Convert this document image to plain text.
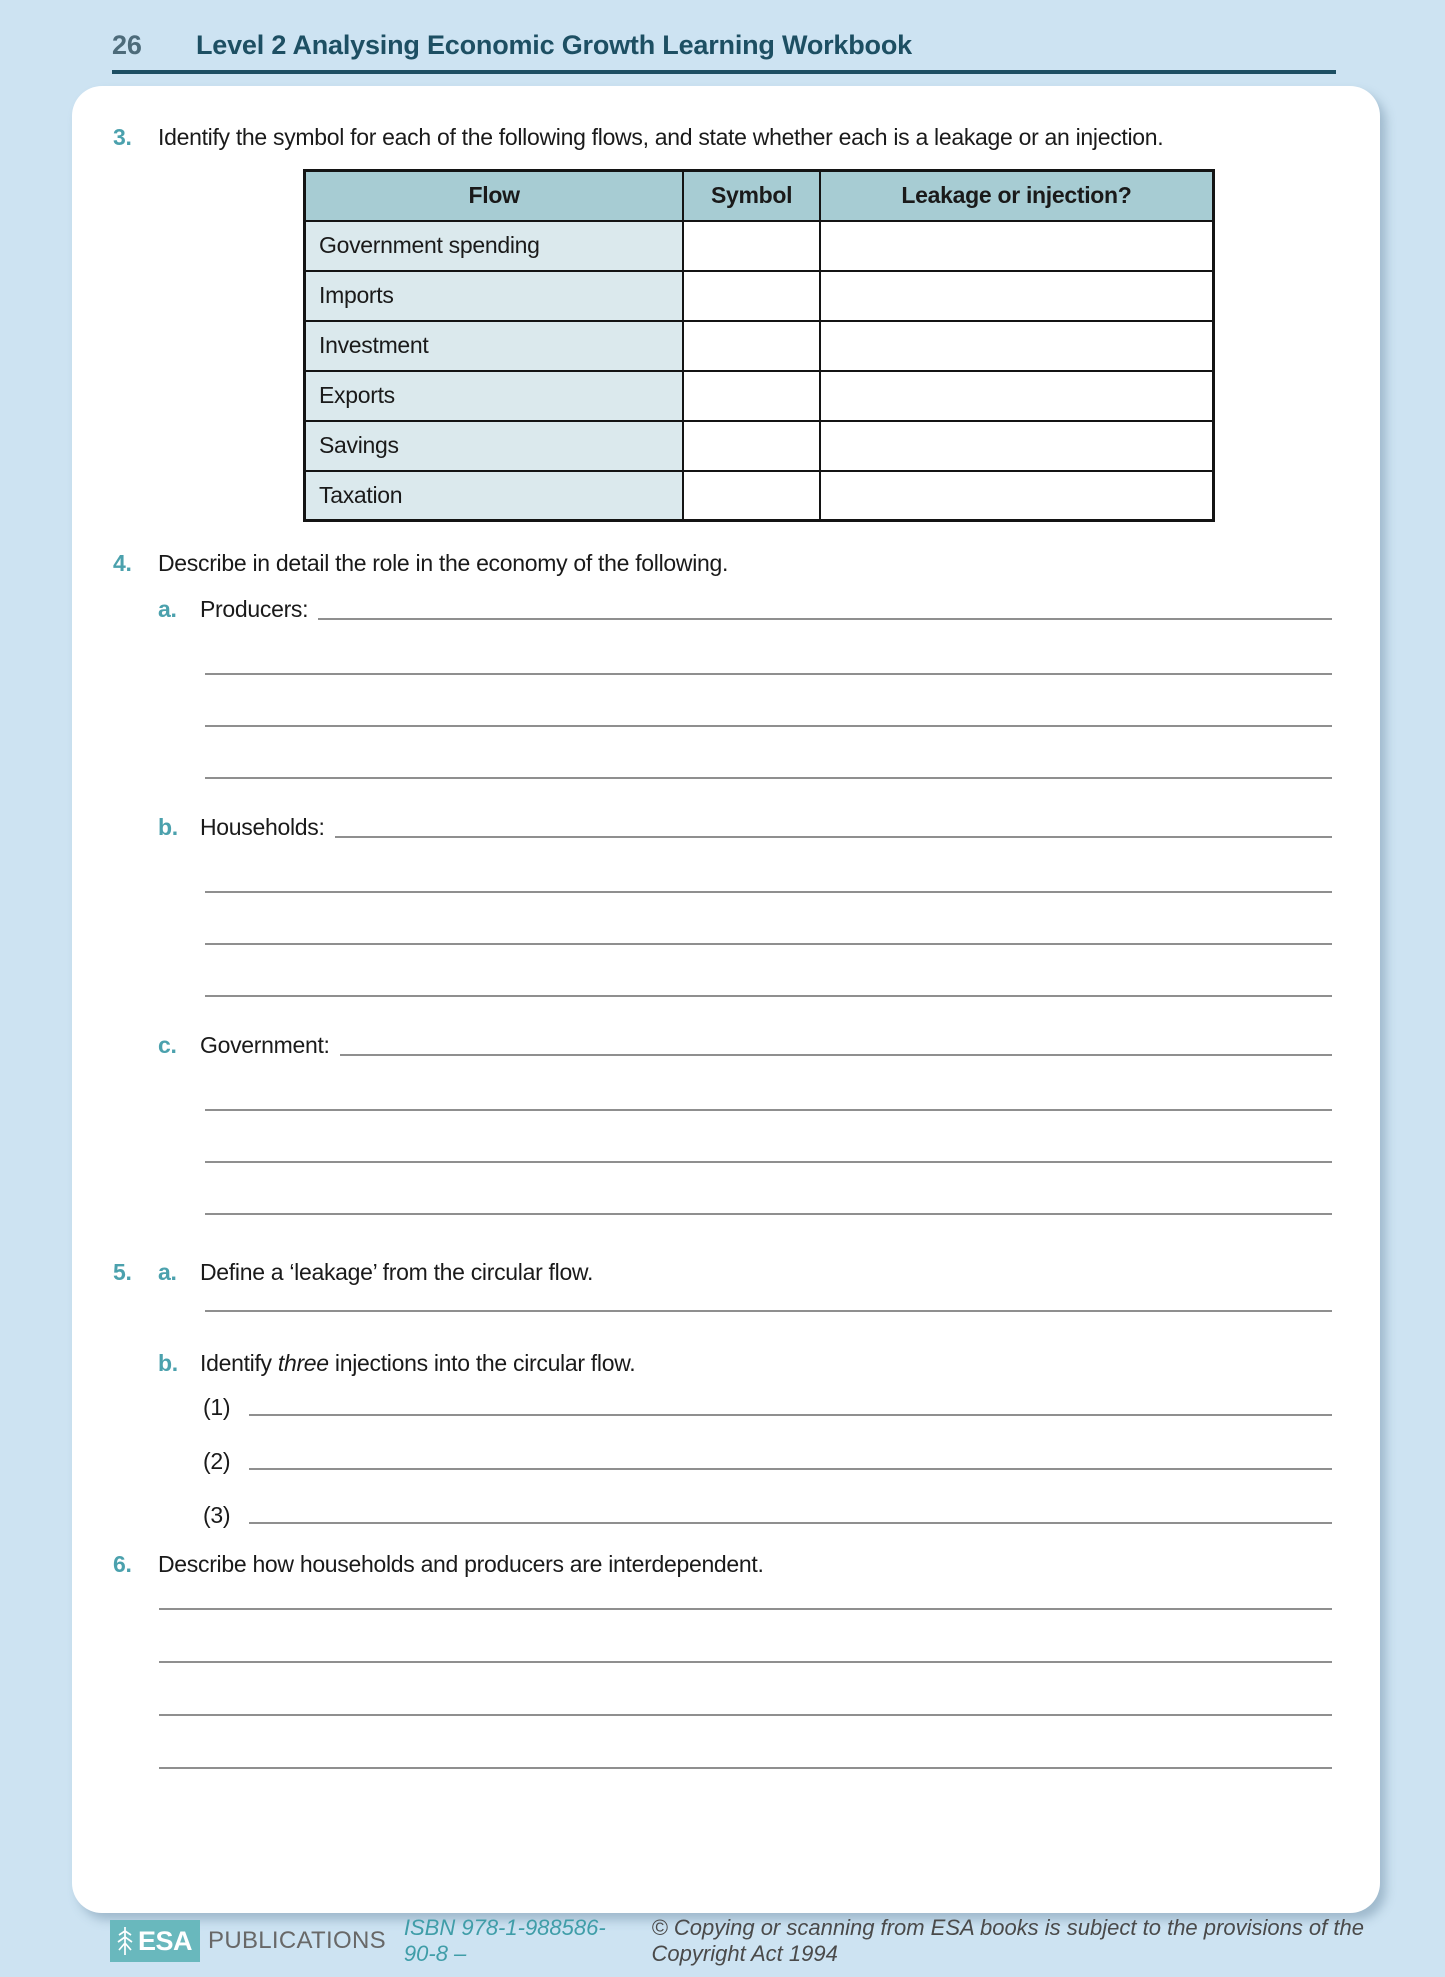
26	Level 2 Analysing Economic Growth Learning Workbook
3.	Identify the symbol for each of the following flows, and state whether each is a leakage or an injection.
Flow	Symbol	Leakage or injection?
Government spending		
Imports		
Investment		
Exports		
Savings		
Taxation		
4.	Describe in detail the role in the economy of the following.
a.	Producers:
b. Households:
c.	Government:
5.	a.	Define a ‘leakage’ from the circular flow.
b. Identify three injections into the circular flow.
(1)
(2)
(3)
6.	Describe how households and producers are interdependent.
ESA PUBLICATIONS ISBN 978-1-988586-90-8 –
© Copying or scanning from ESA books is subject to the provisions of the Copyright Act 1994
